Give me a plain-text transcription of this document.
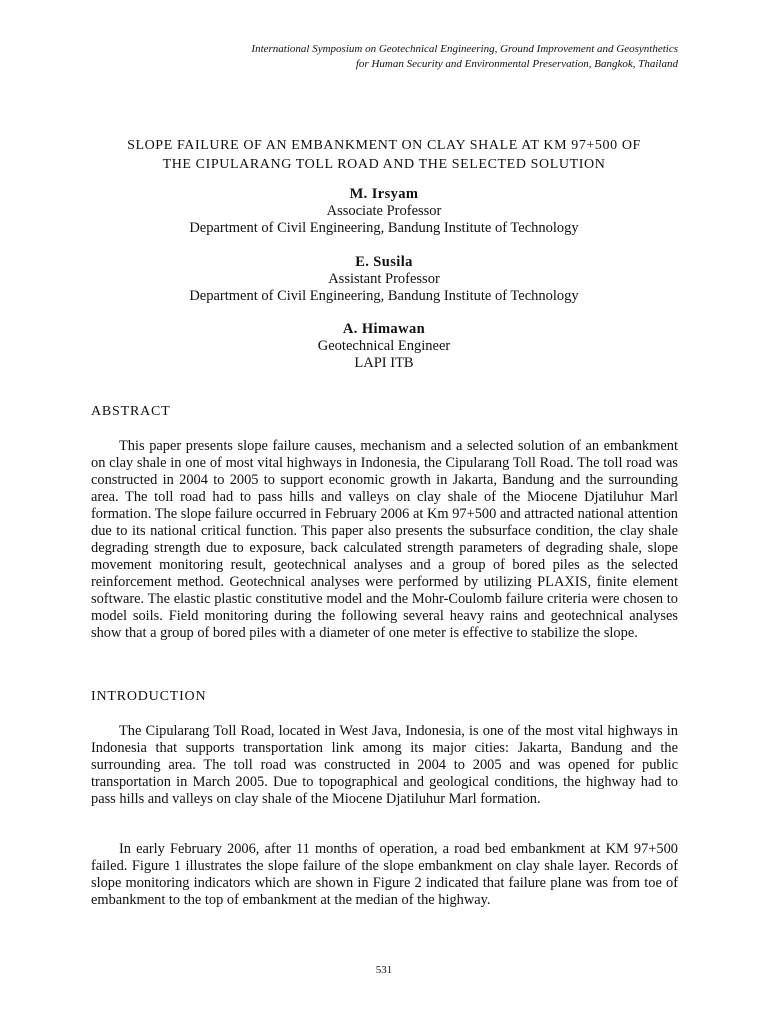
International Symposium on Geotechnical Engineering, Ground Improvement and Geosynthetics
for Human Security and Environmental Preservation, Bangkok, Thailand
SLOPE FAILURE OF AN EMBANKMENT ON CLAY SHALE AT KM 97+500 OF
THE CIPULARANG TOLL ROAD AND THE SELECTED SOLUTION
M. Irsyam
Associate Professor
Department of Civil Engineering, Bandung Institute of Technology
E. Susila
Assistant Professor
Department of Civil Engineering, Bandung Institute of Technology
A. Himawan
Geotechnical Engineer
LAPI ITB
ABSTRACT

This paper presents slope failure causes, mechanism and a selected solution of an embankment on clay shale in one of most vital highways in Indonesia, the Cipularang Toll Road. The toll road was constructed in 2004 to 2005 to support economic growth in Jakarta, Bandung and the surrounding area. The toll road had to pass hills and valleys on clay shale of the Miocene Djatiluhur Marl formation. The slope failure occurred in February 2006 at Km 97+500 and attracted national attention due to its national critical function. This paper also presents the subsurface condition, the clay shale degrading strength due to exposure, back calculated strength parameters of degrading shale, slope movement monitoring result, geotechnical analyses and a group of bored piles as the selected reinforcement method. Geotechnical analyses were performed by utilizing PLAXIS, finite element software. The elastic plastic constitutive model and the Mohr-Coulomb failure criteria were chosen to model soils. Field monitoring during the following several heavy rains and geotechnical analyses show that a group of bored piles with a diameter of one meter is effective to stabilize the slope.

INTRODUCTION

The Cipularang Toll Road, located in West Java, Indonesia, is one of the most vital highways in Indonesia that supports transportation link among its major cities: Jakarta, Bandung and the surrounding area. The toll road was constructed in 2004 to 2005 and was opened for public transportation in March 2005. Due to topographical and geological conditions, the highway had to pass hills and valleys on clay shale of the Miocene Djatiluhur Marl formation.

In early February 2006, after 11 months of operation, a road bed embankment at KM 97+500 failed. Figure 1 illustrates the slope failure of the slope embankment on clay shale layer. Records of slope monitoring indicators which are shown in Figure 2 indicated that failure plane was from toe of embankment to the top of embankment at the median of the highway.

531
